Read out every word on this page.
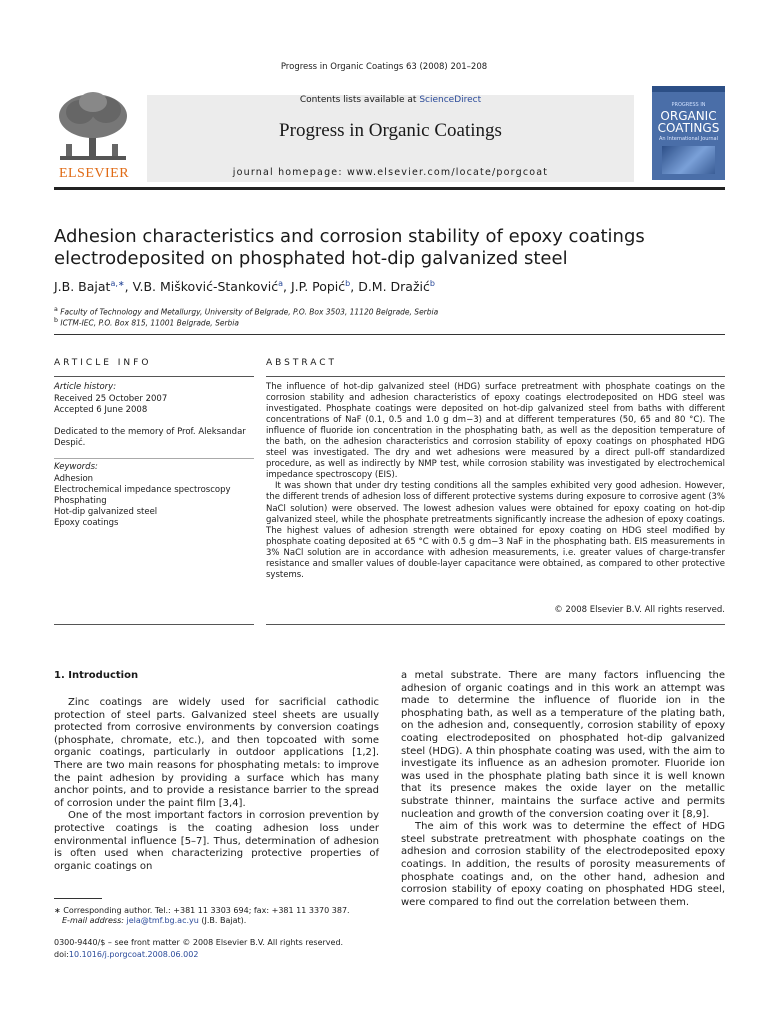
Progress in Organic Coatings 63 (2008) 201–208
Contents lists available at ScienceDirect
Progress in Organic Coatings
journal homepage: www.elsevier.com/locate/porgcoat
ELSEVIER
PROGRESS IN
ORGANIC COATINGS
An International Journal
Adhesion characteristics and corrosion stability of epoxy coatings electrodeposited on phosphated hot-dip galvanized steel
J.B. Bajat$^{a,∗}$, V.B. Mišković-Stanković$^a$, J.P. Popić$^b$, D.M. Dražić$^b$
$^a$ Faculty of Technology and Metallurgy, University of Belgrade, P.O. Box 3503, 11120 Belgrade, Serbia
$^b$ ICTM-IEC, P.O. Box 815, 11001 Belgrade, Serbia
ARTICLE INFO	ABSTRACT
Article history:
Received 25 October 2007
Accepted 6 June 2008
Dedicated to the memory of Prof. Aleksandar Despić.
Keywords:
Adhesion
Electrochemical impedance spectroscopy
Phosphating
Hot-dip galvanized steel
Epoxy coatings

The influence of hot-dip galvanized steel (HDG) surface pretreatment with phosphate coatings on the corrosion stability and adhesion characteristics of epoxy coatings electrodeposited on HDG steel was investigated. Phosphate coatings were deposited on hot-dip galvanized steel from baths with different concentrations of NaF (0.1, 0.5 and 1.0 g dm−3) and at different temperatures (50, 65 and 80 °C). The influence of fluoride ion concentration in the phosphating bath, as well as the deposition temperature of the bath, on the adhesion characteristics and corrosion stability of epoxy coatings on phosphated HDG steel was investigated. The dry and wet adhesions were measured by a direct pull-off standardized procedure, as well as indirectly by NMP test, while corrosion stability was investigated by electrochemical impedance spectroscopy (EIS).

It was shown that under dry testing conditions all the samples exhibited very good adhesion. However, the different trends of adhesion loss of different protective systems during exposure to corrosive agent (3% NaCl solution) were observed. The lowest adhesion values were obtained for epoxy coating on hot-dip galvanized steel, while the phosphate pretreatments significantly increase the adhesion of epoxy coatings. The highest values of adhesion strength were obtained for epoxy coating on HDG steel modified by phosphate coating deposited at 65 °C with 0.5 g dm−3 NaF in the phosphating bath. EIS measurements in 3% NaCl solution are in accordance with adhesion measurements, i.e. greater values of charge-transfer resistance and smaller values of double-layer capacitance were obtained, as compared to other protective systems.

© 2008 Elsevier B.V. All rights reserved.
1. Introduction

Zinc coatings are widely used for sacrificial cathodic protection of steel parts. Galvanized steel sheets are usually protected from corrosive environments by conversion coatings (phosphate, chromate, etc.), and then topcoated with some organic coatings, particularly in outdoor applications [1,2]. There are two main reasons for phosphating metals: to improve the paint adhesion by providing a surface which has many anchor points, and to provide a resistance barrier to the spread of corrosion under the paint film [3,4].

One of the most important factors in corrosion prevention by protective coatings is the coating adhesion loss under environmental influence [5–7]. Thus, determination of adhesion is often used when characterizing protective properties of organic coatings on

a metal substrate. There are many factors influencing the adhesion of organic coatings and in this work an attempt was made to determine the influence of fluoride ion in the phosphating bath, as well as a temperature of the plating bath, on the adhesion and, consequently, corrosion stability of epoxy coating electrodeposited on phosphated hot-dip galvanized steel (HDG). A thin phosphate coating was used, with the aim to investigate its influence as an adhesion promoter. Fluoride ion was used in the phosphate plating bath since it is well known that its presence makes the oxide layer on the metallic substrate thinner, maintains the surface active and permits nucleation and growth of the conversion coating over it [8,9].

The aim of this work was to determine the effect of HDG steel substrate pretreatment with phosphate coatings on the adhesion and corrosion stability of the electrodeposited epoxy coatings. In addition, the results of porosity measurements of phosphate coatings and, on the other hand, adhesion and corrosion stability of epoxy coating on phosphated HDG steel, were compared to find out the correlation between them.

∗ Corresponding author. Tel.: +381 11 3303 694; fax: +381 11 3370 387.
E-mail address: jela@tmf.bg.ac.yu (J.B. Bajat).
0300-9440/$ – see front matter © 2008 Elsevier B.V. All rights reserved.
doi:10.1016/j.porgcoat.2008.06.002
